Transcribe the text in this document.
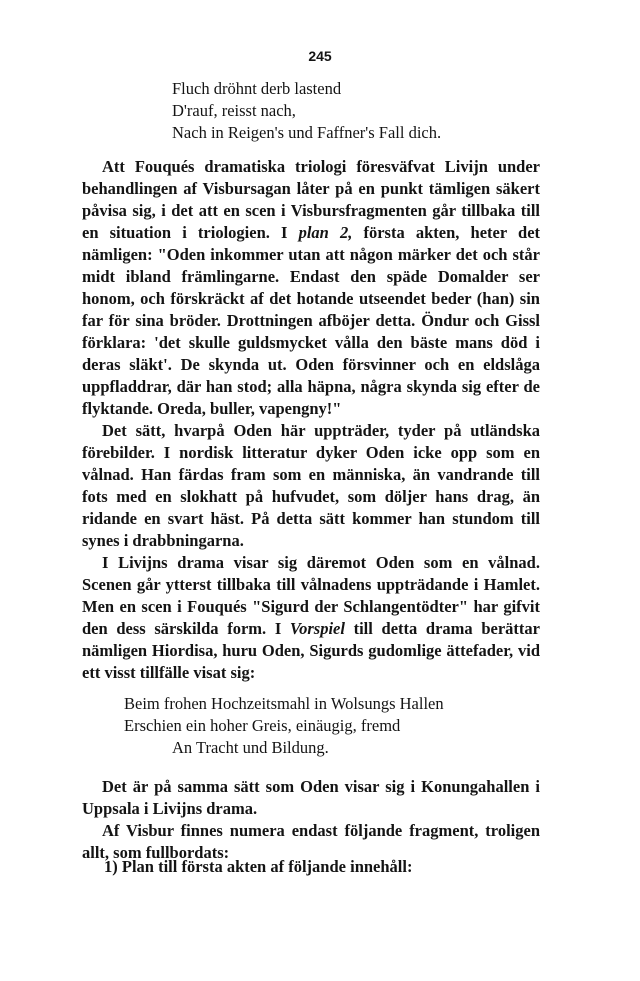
245
Fluch dröhnt derb lastend
D'rauf, reisst nach,
Nach in Reigen's und Faffner's Fall dich.

Att Fouqués dramatiska triologi föresväfvat Livijn under behandlingen af Visbursagan låter på en punkt tämligen säkert påvisa sig, i det att en scen i Visbursfragmenten går tillbaka till en situation i triologien. I plan 2, första akten, heter det nämligen: "Oden inkommer utan att någon märker det och står midt ibland främlingarne. Endast den späde Domalder ser honom, och förskräckt af det hotande utseendet beder (han) sin far för sina bröder. Drottningen afböjer detta. Öndur och Gissl förklara: 'det skulle guldsmycket vålla den bäste mans död i deras släkt'. De skynda ut. Oden försvinner och en eldslåga uppfladdrar, där han stod; alla häpna, några skynda sig efter de flyktande. Oreda, buller, vapengny!"

Det sätt, hvarpå Oden här uppträder, tyder på utländska förebilder. I nordisk litteratur dyker Oden icke opp som en vålnad. Han färdas fram som en människa, än vandrande till fots med en slokhatt på hufvudet, som döljer hans drag, än ridande en svart häst. På detta sätt kommer han stundom till synes i drabbningarna.

I Livijns drama visar sig däremot Oden som en vålnad. Scenen går ytterst tillbaka till vålnadens uppträdande i Hamlet. Men en scen i Fouqués "Sigurd der Schlangentödter" har gifvit den dess särskilda form. I Vorspiel till detta drama berättar nämligen Hiordisa, huru Oden, Sigurds gudomlige ättefader, vid ett visst tillfälle visat sig:

Beim frohen Hochzeitsmahl in Wolsungs Hallen
Erschien ein hoher Greis, einäugig, fremd
An Tracht und Bildung.

Det är på samma sätt som Oden visar sig i Konungahallen i Uppsala i Livijns drama.

Af Visbur finnes numera endast följande fragment, troligen allt, som fullbordats:

1) Plan till första akten af följande innehåll:
